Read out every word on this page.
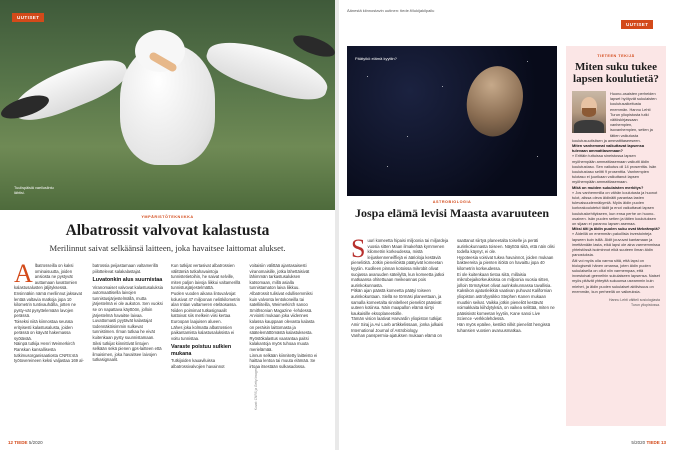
UUTISET
Tuulispäisiä vaelluslintu lähtisi.
YMPÄRISTÖTEKNIIKKA
Albatrossit valvovat kalastusta
Merilinnut saivat selkäänsä laitteen, joka havaitsee laittomat alukset.
A lbatrosseilla on kaksi ominaisuutta, joiden ansiosta ne pystyvät auttamaan luvattomien kalastusalusten jäljityksessä.
Ensinnäkin nämä merilinnut jaksavat lentää valtavia matkoja jopa 10 kilometrin tuntivauhdilla, jotten ne pysty-vät pysyttelemään lavojen perässä.
Toiseksi niitä kiinnostaa seurata erityisesti kalastusalusta, joiden perässä on käyvät hakemassa syötävää.
Näinpä tutkija Henri Weimerkirch Ranskan kansallisesta tutkimusorganisaatiosta CNRS:stä työtovereineen keksi valjastaa 169 al-

batrossia peijastamaan valtamerillä piilottelevat salakalastajat.

Luvatonkin alus suurnistaa

Viranomaiset valvovat kalastusaluksia automaattisella laivojen tunnistusjärjestelmällä, mutta järjestelmä ei ole aukoton. Sen vuoksi se on napattava käyttöön, jolloin järjestelmä havaitse laivaa.
Luvattomasti pyytävät kalastajat todennäköisimmin sulkevat tunnistimen. Ilman tutkaa he eivät kuitenkaan pysty suunnistamaan.
Siksi tutkijat kiinnittivät lintujen selkään sekä pienen gps-laitteen että ilmaisimen, joka havaitsee laivojen tutkasignaalit.

Kun tutkijat vertasivat albatrossien välittämiä tutkahavaintoja tunnistetietoihin, he saivat selville, miten paljon laivoja liikkui valtamerillä tunnistusjärjestelmättä.
Puolen vuoden aikana lintuvalvojat kolusivat 47 miljoonan neliökilometrin alan Intian valtameren eteläosassa. Niiden poimimat tutkasignaalit kattoivat siis melkein viisi kertaa Euroopan laajuisen alueen.
Lähes joka kolmatta albatrossien paikantamista kalastusaluksista ei voitu tunnistaa.

Varaste poistuu sulkien mukana

Tutkijoiden kauaviluissa albatrossivalvojien havainnot

voitaisiin välittää ajantasaisesti viranomaisille, jotka lähettäisivät lähimmän tarkastusaluksen katsomaan, millä asialla tunnistamaton laiva liikkuu.
Albatrossit tulisivat edullisemmiksi kuin valvonta lentokoneilla tai satelliiteilla, Weimerkirch sanoo Smithsonian Magazine -lehdessä.
Arviointi mukaan joka viidennes kalassa kauppaan olevasta kalasta on peräisin laittomasta ja säätelemättömästä kalastuksesta. Ryöstökalastus vaarantaa paitsi kalakantoja myös tuhoaa muuta merielämää.
Linnun selkään kiinnitetty laitteisto ei haittaa lentoa tai muuta elämää. Se irtoaa itsestään sulkasadossa.

Kuvat: CNRS ja Getty Images
12 TIEDE 5/2020
Äänestä kiinnostavin uutinen: tiede.fi/lukijakilpailu
UUTISET
Päätyikö elämä kyytiin?
ASTROBIOLOGIA
Jospa elämä levisi Maasta avaruuteen
S uuri komeetta hipaisi miljoonia tai miljardeja vuosia sitten Maan ilmakehää kymmenen kilometrin korkeudessa, mistä leijuskenneneiffiejä ei äärioloja kestäviä pieneliöitä. Jotkin pieneliöistä päätyivät komeetan kyytiin. Kuolleen pinnan kotoissa mikrobit olivat suojassa avaruuden säteilyltä, kun komeetta jatkoi matkaansa ohitettuaan meikeannas pois aurinkokunnasta.
Pitkän ajan päästä komeetta päätyi toiseen aurinkokuntaan. Siellä se törmäsi planeettaan, ja samalla komeetalta sinnitelleet pieneliöt pääsivät uuteen kotiinsa. Näin maapallon elämä siirtyi kaukaisille eksoplaneetoille.
Tämän vision laativat Harvardin yliopiston tutkijat Amir Siraj ja Avi Loeb artikkelissaan, jonka julkaisi International Journal of Astrobiology.
Vanhan panspermia-ajatuksen mukaan elämä on

saattanut siirtyä planeetalta toiselle ja peräti aurinkokunnasta toiseen. Näyttöä siitä, että näin olisi todella käynyt, ei ole.
Hypoteesia voisivat tukea havainnot, joiden mukaan bakteereita ja pienten itiöitä on havaittu jopa 40 kilometrin korkeudessa.
Ei ole kuitenkaan tietoa siitä, millaisia mikrobejaikorkeuksissa on miljoonia vuosia sitten, jolloin törmäykset olivat aurinkokunnassa tavallisia.
Kaksikon ajatusleikkiä vaativan puhuvat Kalifornian yliopiston astrofyysikko Stephen Kanen mukaan muutkin seikat. Vaikka jotkin pieneliöt kestävät voimakkaita kiihdytyksiä, on vaikea selittää, miten ne pääsisivät komeetan kyytiin, Kane sanoi Live Science -verkkolehdessä.
Hän myös epäilee, kestikö nilkit pieneliöt hengissä tuhansien vuosien avaruusmatkaa.

TIETEEN TEKIJÄ
Miten suku tukee lapsen koulutietä?

Huono-osaisten perheiden lapset hyötyvät sukulaisten koulutusaikeitusta enemmän. Hannu Lehti Turun yliopistosta tutki väitöskirjassaan vanhempien, isovanhempien, setien ja tätien vaikutusta koulutusuutisiisen ja ammattitaseeseen.

Miten vanhemmat vaikuttavat lapsensa tulevaan ammattiasemaan?

» Erittäin tuttuissa sineistossa lapsen myöhempään ammattiasemaan vaikutti äidin koulutustaso. Sen vaikutus oli 14 prosenttia. Isän koulutustaso selitti 9 prosenttia. Vanhempien tulotaso ei juurikaan vaikuttanut lapsen myöhempään ammattiasemaan.

Mikä on muiden sukulaisten merkitys?

» Jos vanhemmilla on vähän koulutusta ja huonot tulot, alissa oleva äidinäiti parantaa lasten tulevaisuudennäkymiä. Myös äidin puolen korkeakoulutetut tädit ja enot vaikuttavat lapsen koulutuskehitykseen, kun ensa perhe on huono-osainen. Isän puolen setien ja tätien koulutuksen on sijaan ei parannu lapsen asemaa.

Miksi äiti ja äidin puolen suku ovat tärkeämpiä?

» Äideillä on enemmän pakollisia investointeja lapseen kuin isillä. Äidit jouvuvat kantamaan ja imettämään lasta, eikä lapsi ole aina varmemmissa yhteistössä isoiminnot eikä suuteen ilman äidin panostuksia.
Äiti voi myös olla varma siitä, että lapsi on biologisesti hänen omansa, joten äidin puolen sukulaisella on ollut niin varmempaa, että investoivat geeneihin sukulaiseen lapsensa. Naiset myös pitävät yhteyttä sukuunsa useammin kuin miehet, ja äidin puolen sukulaiset aktiivisuus on enemmän, kun perheellä on vaikeuksia.

Hannu Lehti väitteli sosiologiasta
Turun yliopistossa.
5/2020 TIEDE 13
